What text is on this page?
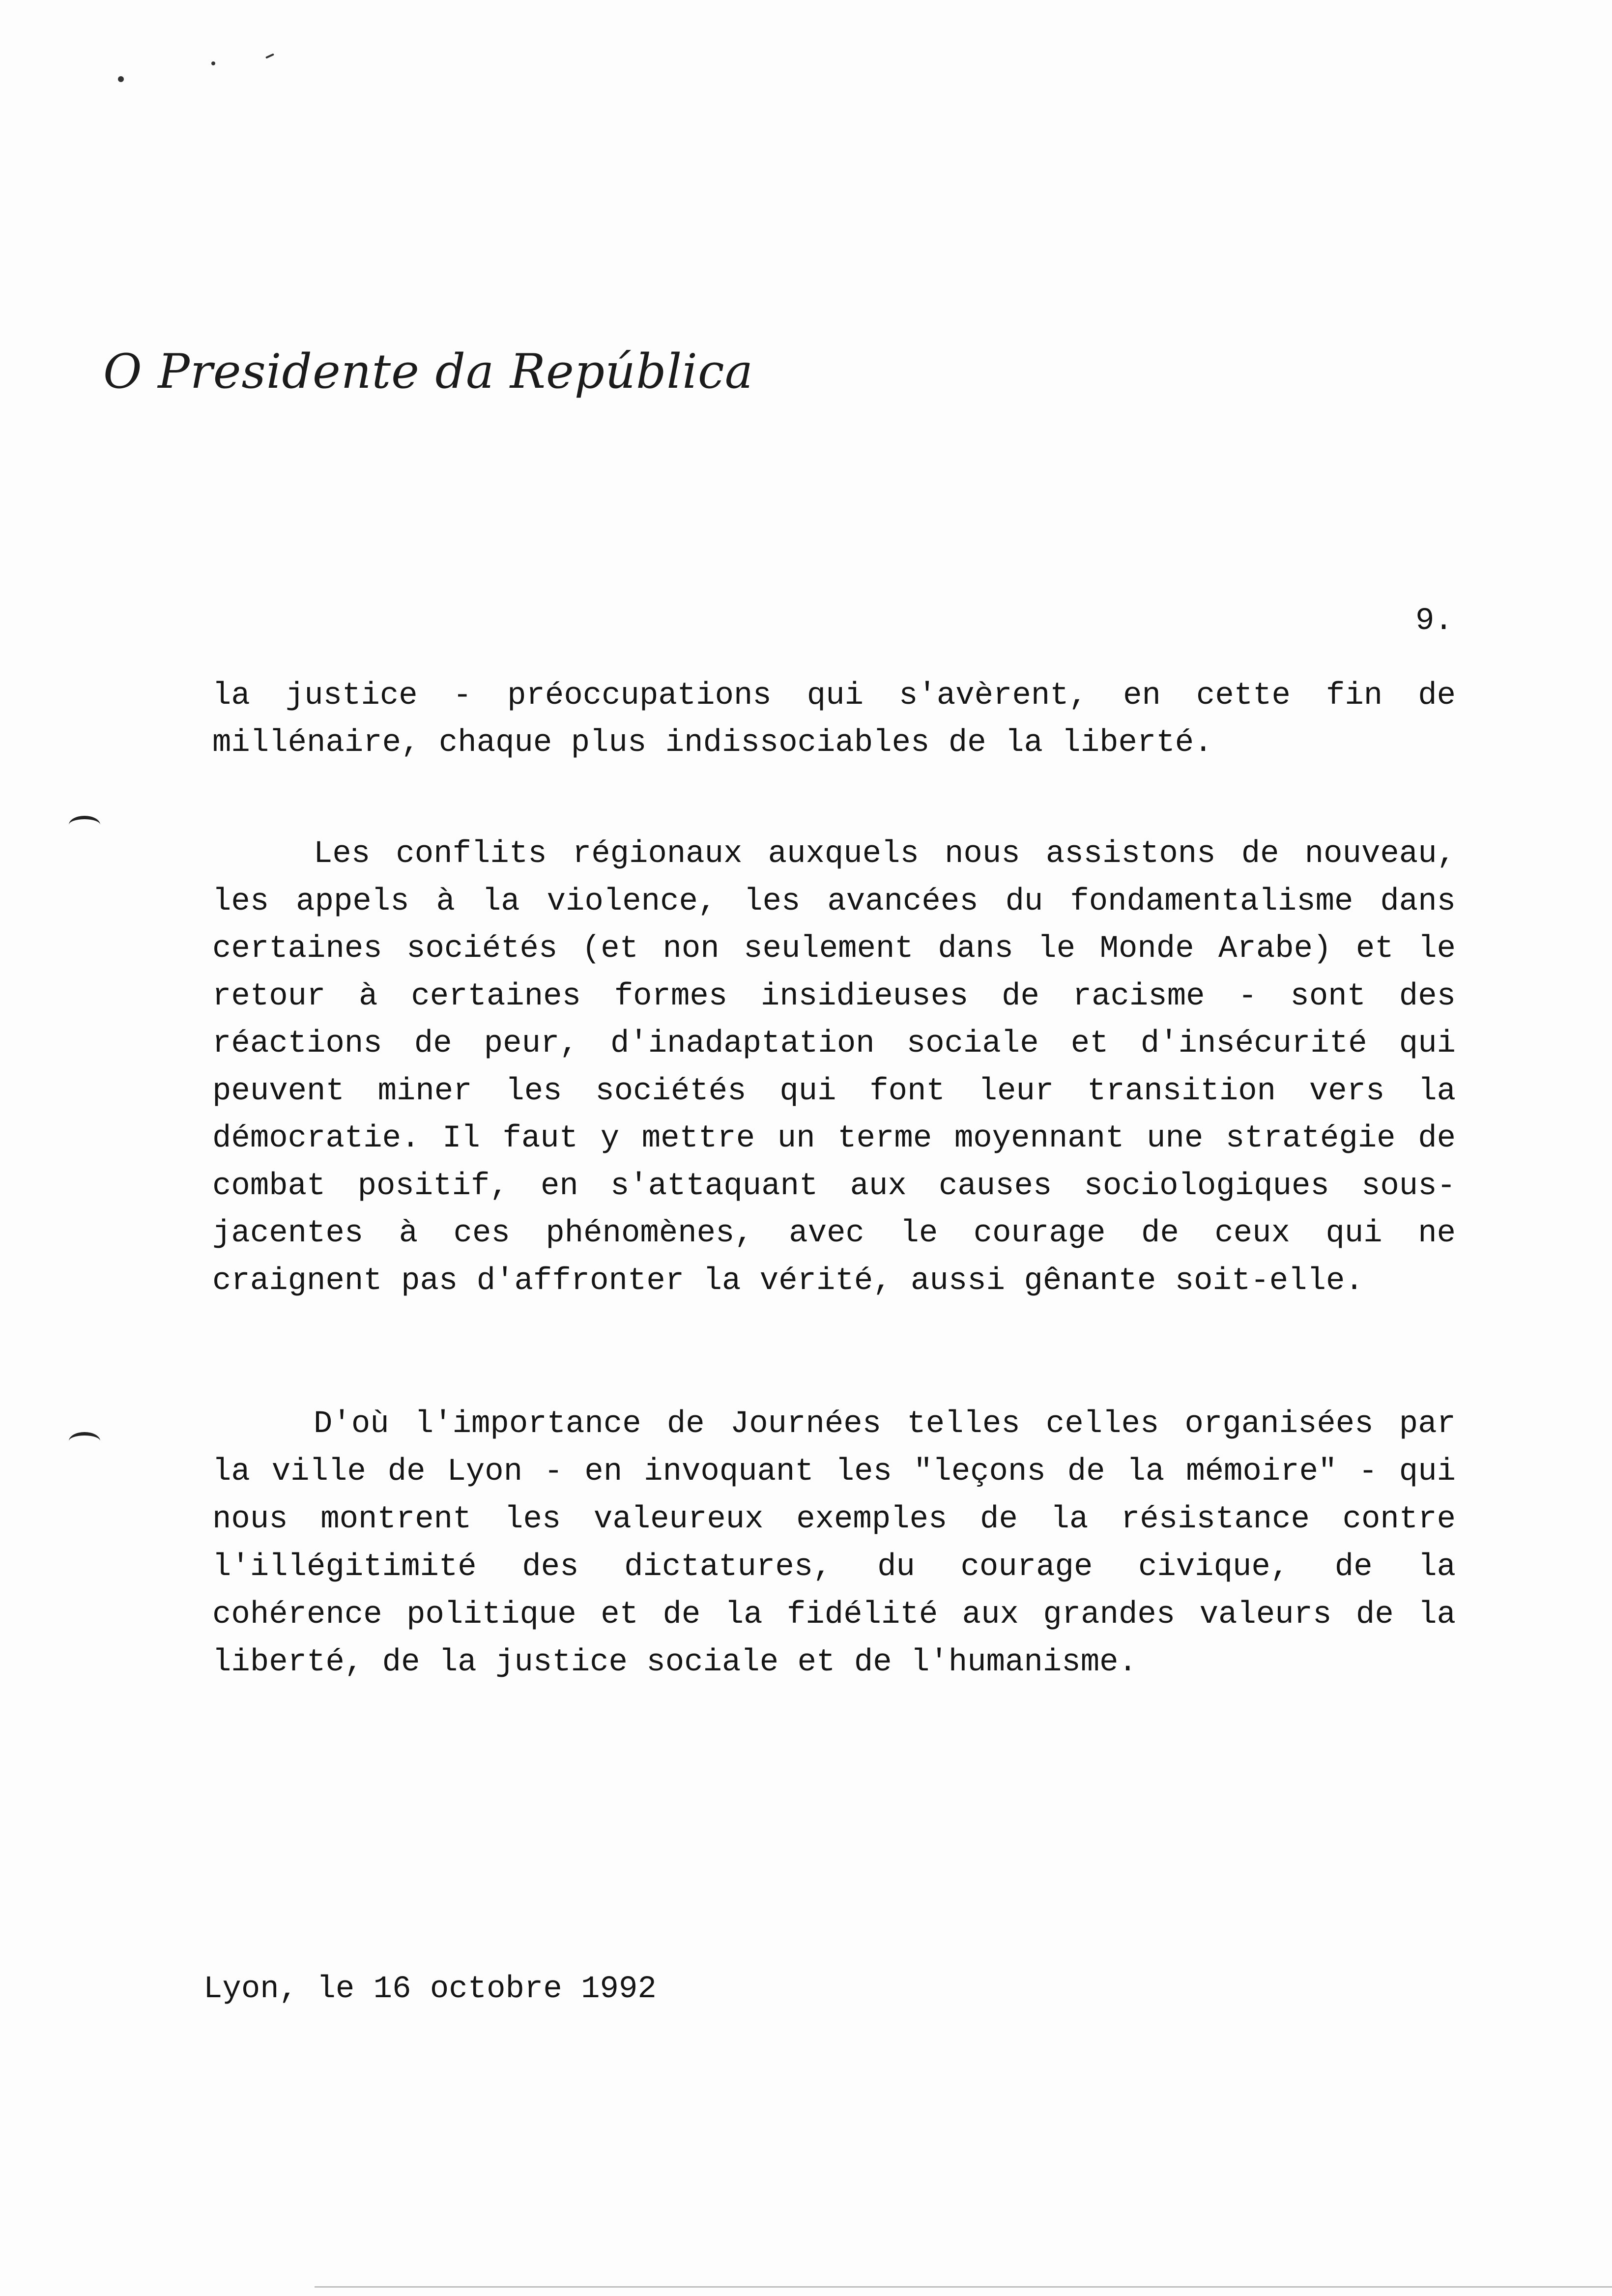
O Presidente da República
9.

la justice - préoccupations qui s'avèrent, en cette fin de millénaire, chaque plus indissociables de la liberté.

Les conflits régionaux auxquels nous assistons de nouveau, les appels à la violence, les avancées du fondamentalisme dans certaines sociétés (et non seulement dans le Monde Arabe) et le retour à certaines formes insidieuses de racisme - sont des réactions de peur, d'inadaptation sociale et d'insécurité qui peuvent miner les sociétés qui font leur transition vers la démocratie. Il faut y mettre un terme moyennant une stratégie de combat positif, en s'attaquant aux causes sociologiques sous-jacentes à ces phénomènes, avec le courage de ceux qui ne craignent pas d'affronter la vérité, aussi gênante soit-elle.

D'où l'importance de Journées telles celles organisées par la ville de Lyon - en invoquant les "leçons de la mémoire" - qui nous montrent les valeureux exemples de la résistance contre l'illégitimité des dictatures, du courage civique, de la cohérence politique et de la fidélité aux grandes valeurs de la liberté, de la justice sociale et de l'humanisme.

Lyon, le 16 octobre 1992
